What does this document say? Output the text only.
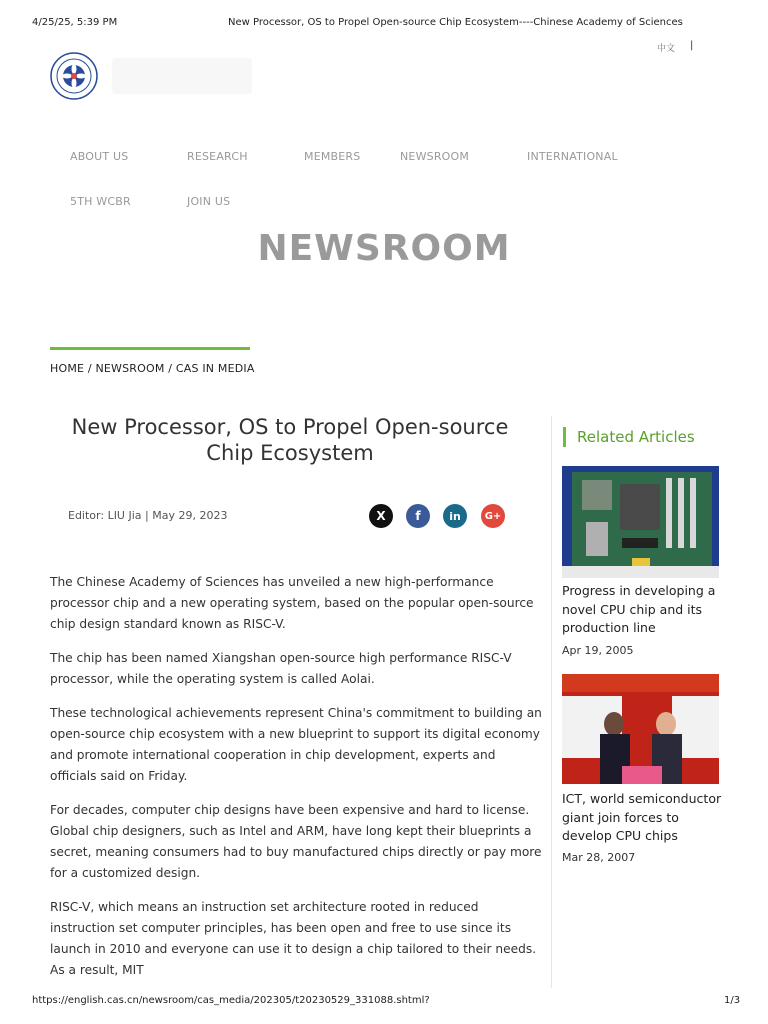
4/25/25, 5:39 PM	New Processor, OS to Propel Open-source Chip Ecosystem----Chinese Academy of Sciences
中文 |
ABOUT US	RESEARCH	MEMBERS	NEWSROOM	INTERNATIONAL
5TH WCBR	JOIN US
NEWSROOM
HOME / NEWSROOM / CAS IN MEDIA
New Processor, OS to Propel Open-source Chip Ecosystem
Editor: LIU Jia | May 29, 2023	X f	in G+

The Chinese Academy of Sciences has unveiled a new high-performance processor chip and a new operating system, based on the popular open-source chip design standard known as RISC-V.

The chip has been named Xiangshan open-source high performance RISC-V processor, while the operating system is called Aolai.

These technological achievements represent China's commitment to building an open-source chip ecosystem with a new blueprint to support its digital economy and promote international cooperation in chip development, experts and officials said on Friday.

For decades, computer chip designs have been expensive and hard to license. Global chip designers, such as Intel and ARM, have long kept their blueprints a secret, meaning consumers had to buy manufactured chips directly or pay more for a customized design.

RISC-V, which means an instruction set architecture rooted in reduced instruction set computer principles, has been open and free to use since its launch in 2010 and everyone can use it to design a chip tailored to their needs. As a result, MIT

Related Articles
Progress in developing a novel CPU chip and its production line
Apr 19, 2005
ICT, world semiconductor giant join forces to develop CPU chips
Mar 28, 2007
https://english.cas.cn/newsroom/cas_media/202305/t20230529_331088.shtml?	1/3
